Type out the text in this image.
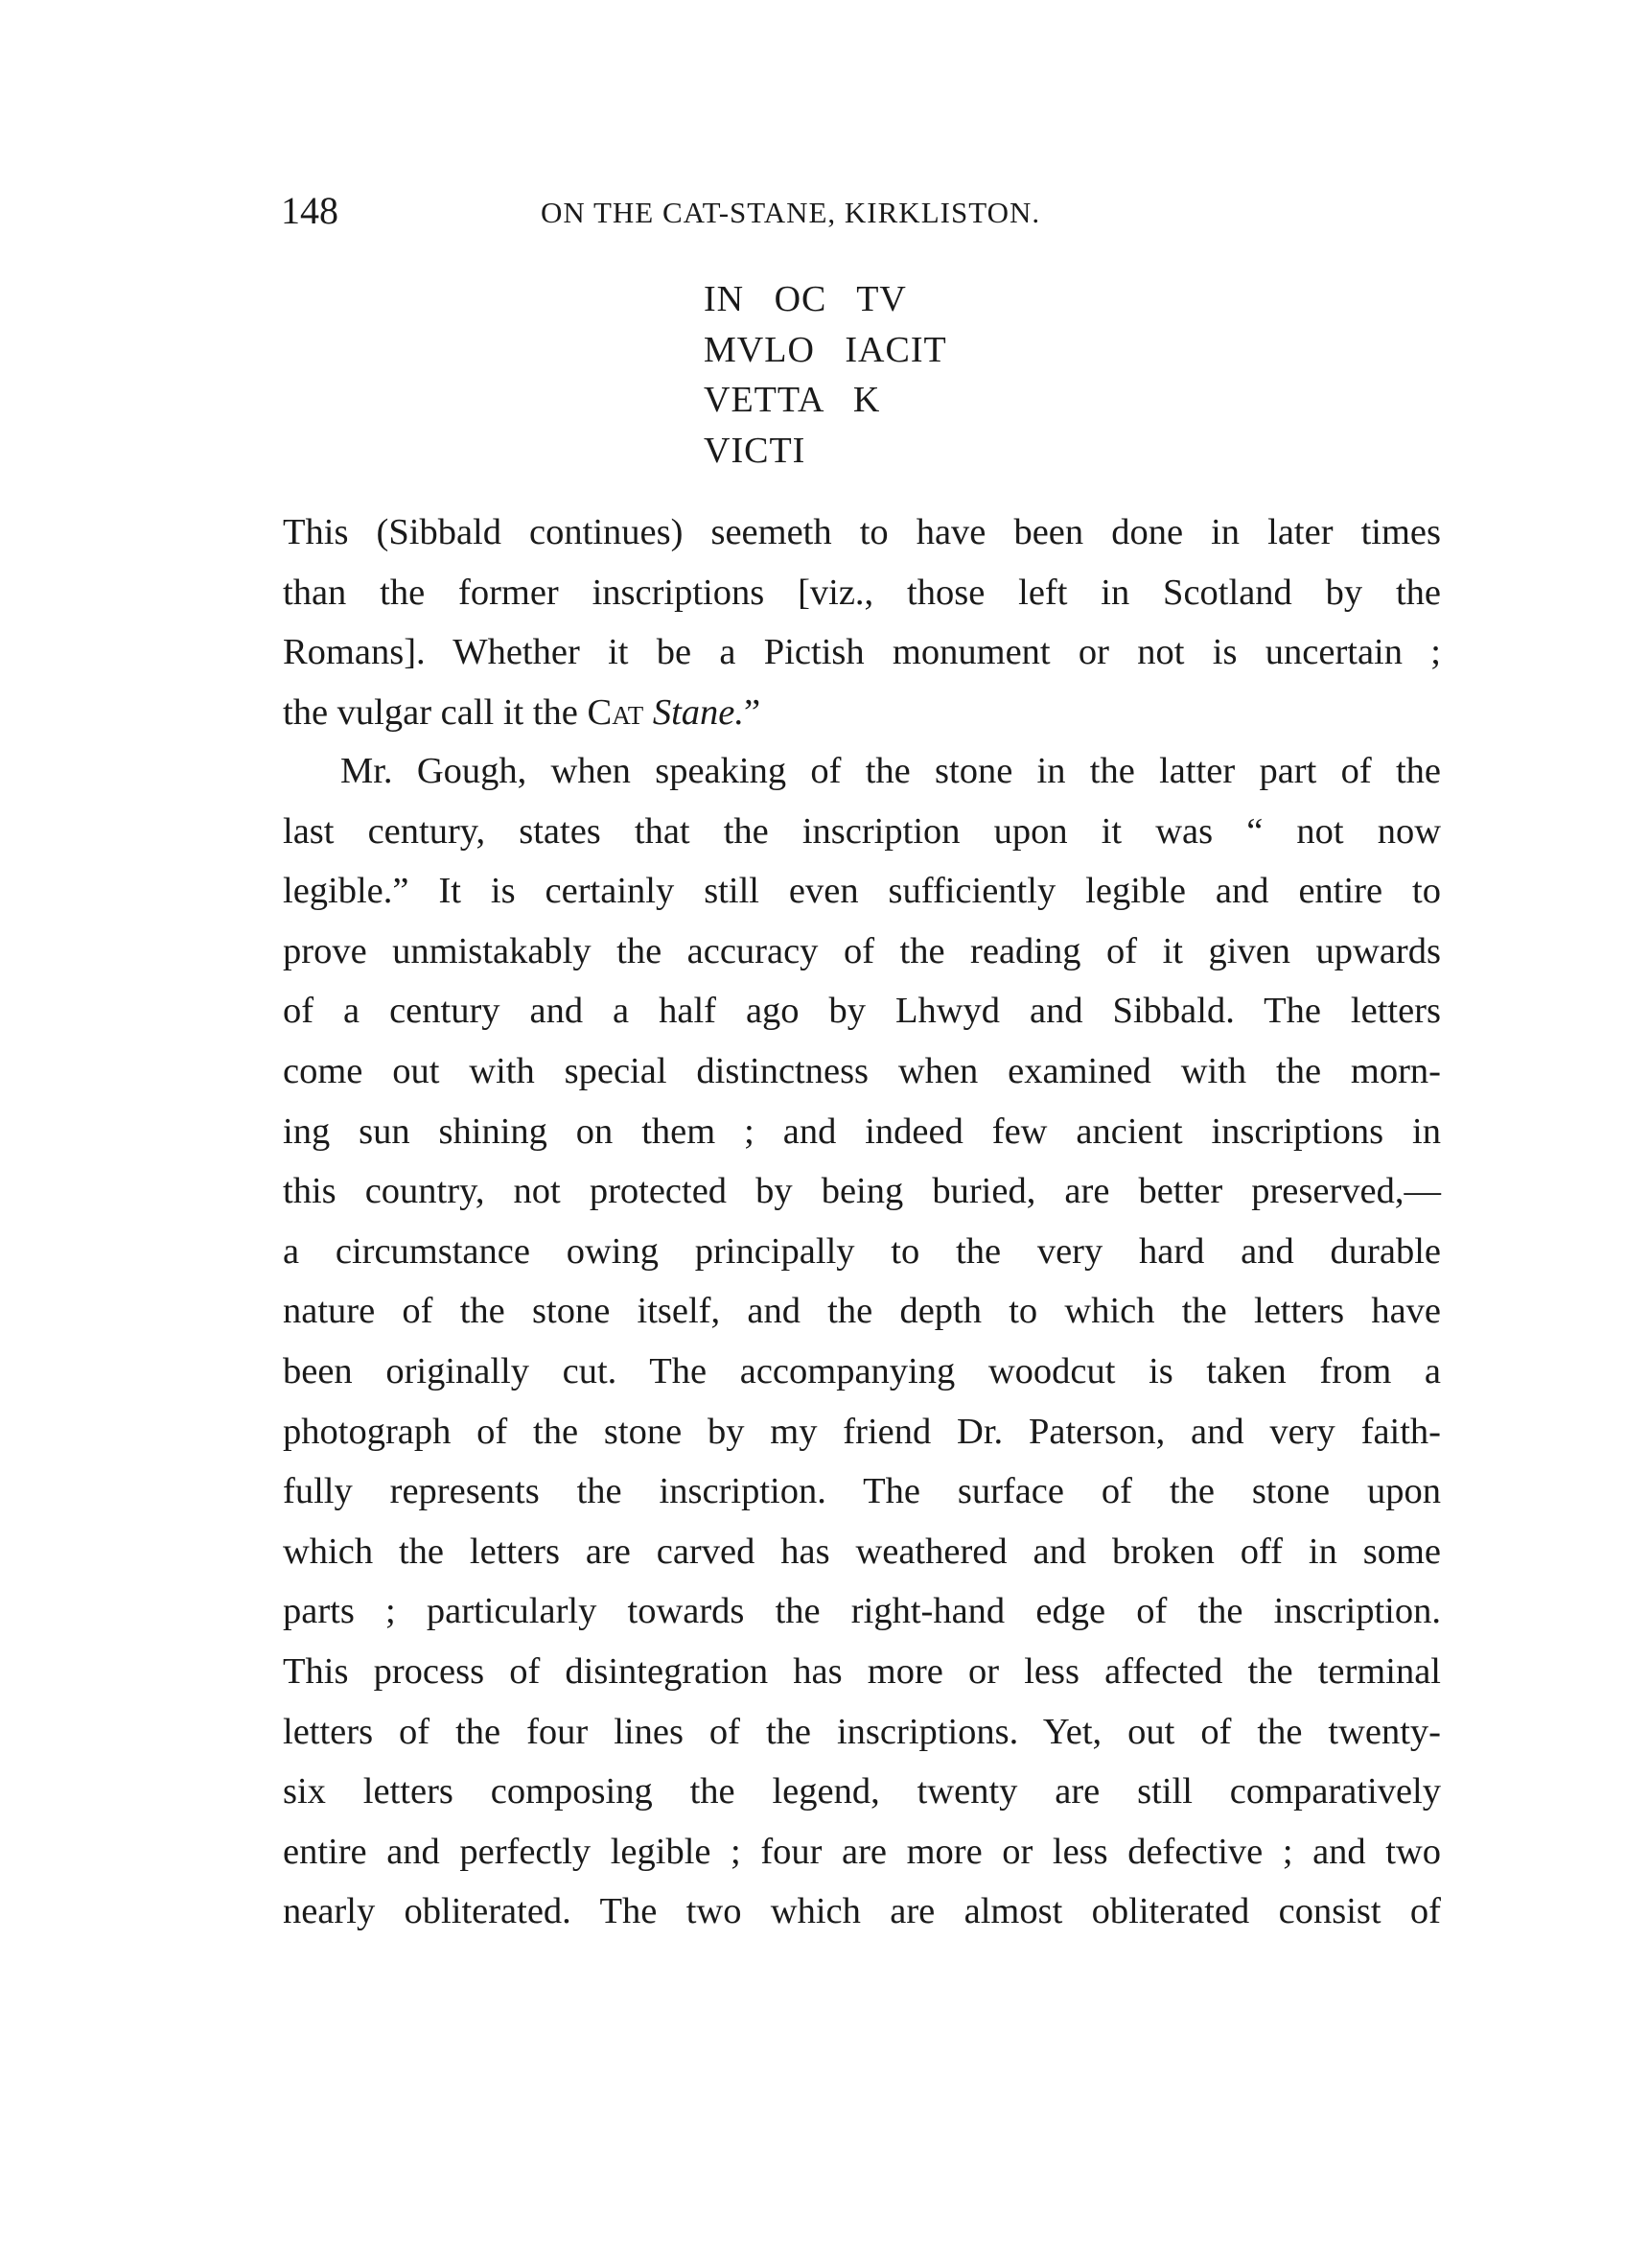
148	ON THE CAT-STANE, KIRKLISTON.
IN   OC   TV
MVLO   IACIT
VETTA   K
VICTI
This (Sibbald continues) seemeth to have been done in later times
than the former inscriptions [viz., those left in Scotland by the
Romans]. Whether it be a Pictish monument or not is uncertain ;
the vulgar call it the Cat Stane.”
Mr. Gough, when speaking of the stone in the latter part of the
last century, states that the inscription upon it was “ not now
legible.” It is certainly still even sufficiently legible and entire to
prove unmistakably the accuracy of the reading of it given upwards
of a century and a half ago by Lhwyd and Sibbald. The letters
come out with special distinctness when examined with the morn-
ing sun shining on them ; and indeed few ancient inscriptions in
this country, not protected by being buried, are better preserved,—
a circumstance owing principally to the very hard and durable
nature of the stone itself, and the depth to which the letters have
been originally cut. The accompanying woodcut is taken from a
photograph of the stone by my friend Dr. Paterson, and very faith-
fully represents the inscription. The surface of the stone upon
which the letters are carved has weathered and broken off in some
parts ; particularly towards the right-hand edge of the inscription.
This process of disintegration has more or less affected the terminal
letters of the four lines of the inscriptions. Yet, out of the twenty-
six letters composing the legend, twenty are still comparatively
entire and perfectly legible ; four are more or less defective ; and two
nearly obliterated. The two which are almost obliterated consist of
